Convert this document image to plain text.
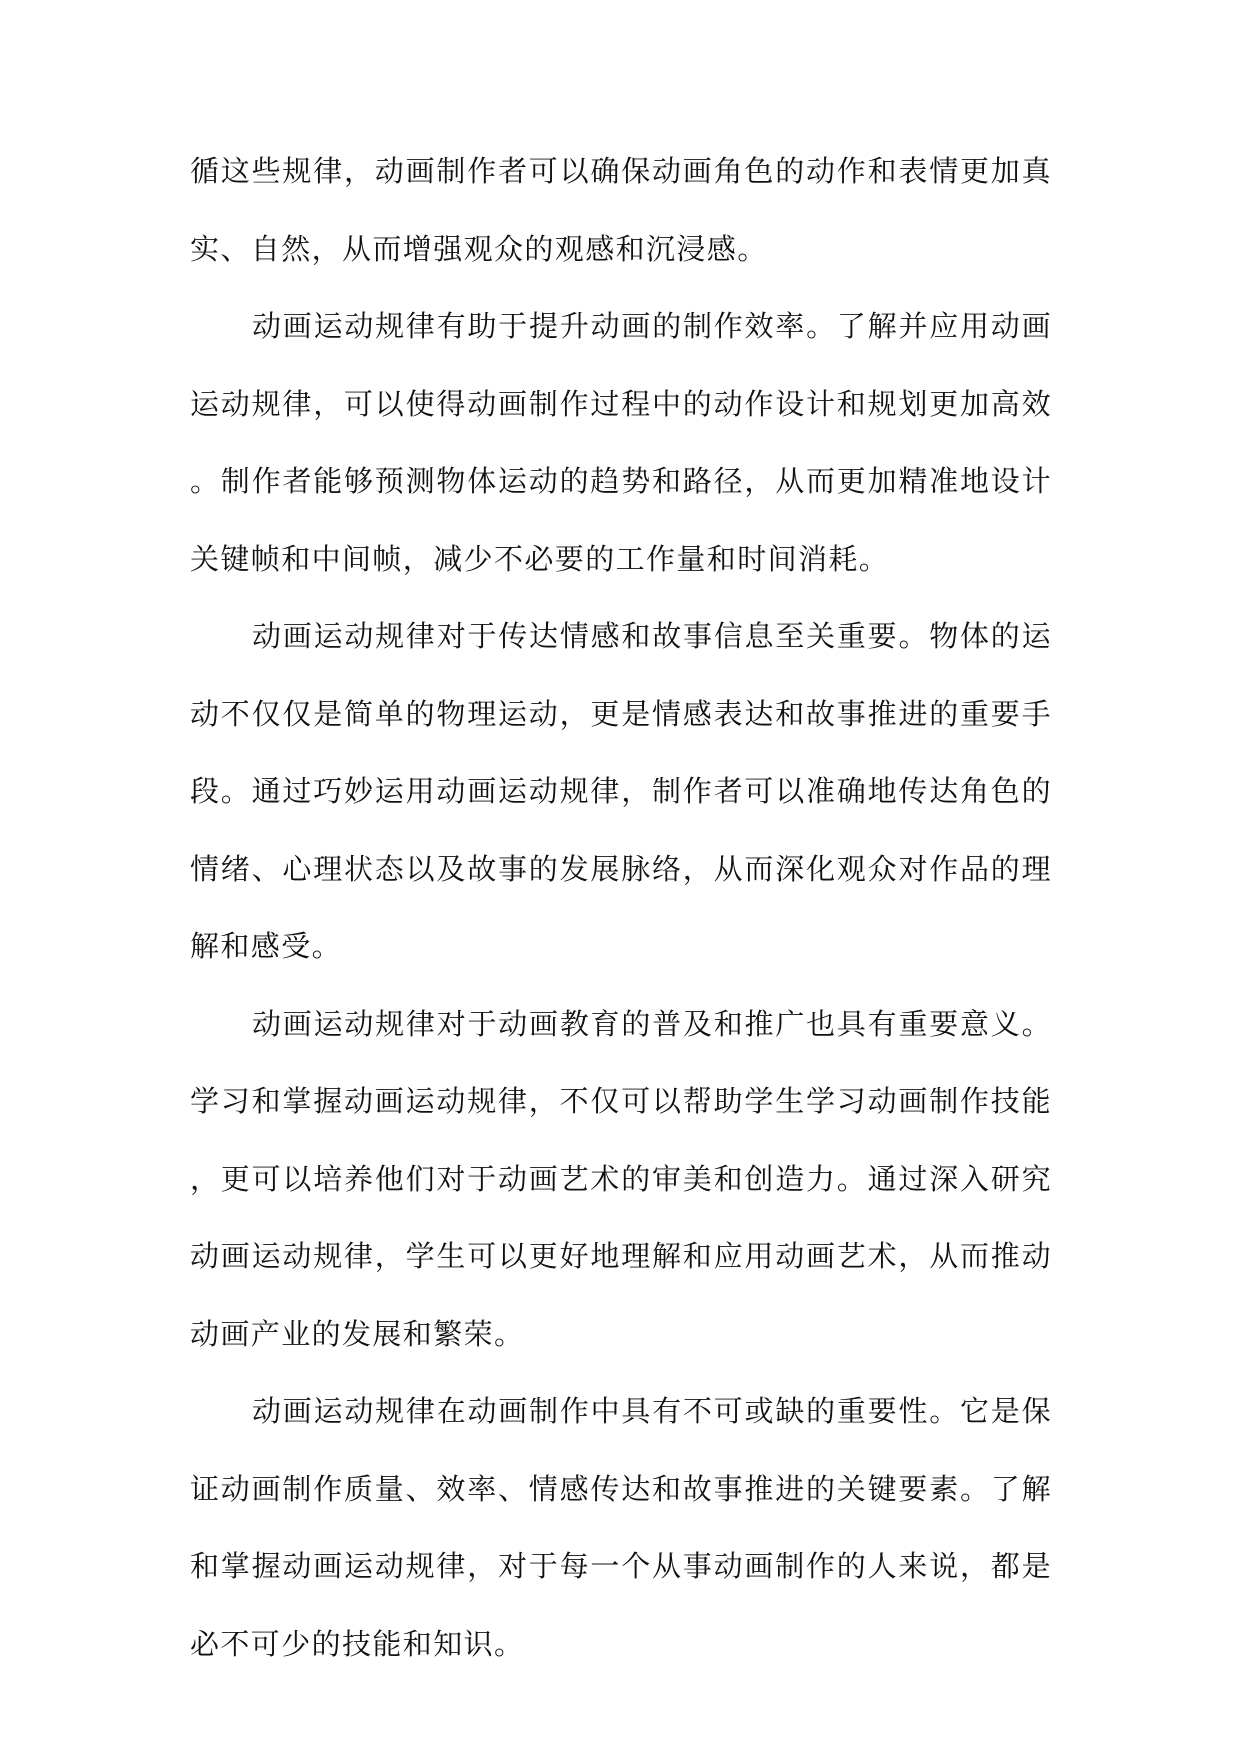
循这些规律，动画制作者可以确保动画角色的动作和表情更加真实、自然，从而增强观众的观感和沉浸感。

动画运动规律有助于提升动画的制作效率。了解并应用动画运动规律，可以使得动画制作过程中的动作设计和规划更加高效。制作者能够预测物体运动的趋势和路径，从而更加精准地设计关键帧和中间帧，减少不必要的工作量和时间消耗。

动画运动规律对于传达情感和故事信息至关重要。物体的运动不仅仅是简单的物理运动，更是情感表达和故事推进的重要手段。通过巧妙运用动画运动规律，制作者可以准确地传达角色的情绪、心理状态以及故事的发展脉络，从而深化观众对作品的理解和感受。

动画运动规律对于动画教育的普及和推广也具有重要意义。学习和掌握动画运动规律，不仅可以帮助学生学习动画制作技能，更可以培养他们对于动画艺术的审美和创造力。通过深入研究动画运动规律，学生可以更好地理解和应用动画艺术，从而推动动画产业的发展和繁荣。

动画运动规律在动画制作中具有不可或缺的重要性。它是保证动画制作质量、效率、情感传达和故事推进的关键要素。了解和掌握动画运动规律，对于每一个从事动画制作的人来说，都是必不可少的技能和知识。
